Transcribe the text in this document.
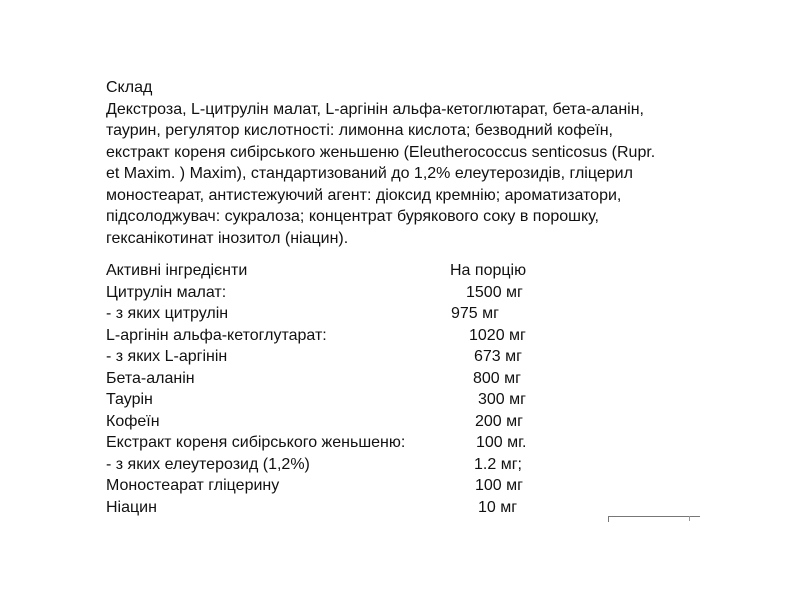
Склад
Декстроза, L-цитрулін малат, L-аргінін альфа-кетоглютарат, бета-аланін,
таурин, регулятор кислотності: лимонна кислота; безводний кофеїн,
екстракт кореня сибірського женьшеню (Eleutherococcus senticosus (Rupr.
et Maxim. ) Maxim), стандартизований до 1,2% елеутерозидів, гліцерил
моностеарат, антистежуючий агент: діоксид кремнію; ароматизатори,
підсолоджувач: сукралоза; концентрат бурякового соку в порошку,
гексанікотинат інозитол (ніацин).
Активні інгредієнти	На порцію
Цитрулін малат:	1500 мг
- з яких цитрулін	975 мг
L-аргінін альфа-кетоглутарат:	1020 мг
- з яких L-аргінін	673 мг
Бета-аланін	800 мг
Таурін	300 мг
Кофеїн	200 мг
Екстракт кореня сибірського женьшеню:	100 мг.
- з яких елеутерозид (1,2%)	1.2 мг;
Моностеарат гліцерину	100 мг
Ніацин	10 мг
